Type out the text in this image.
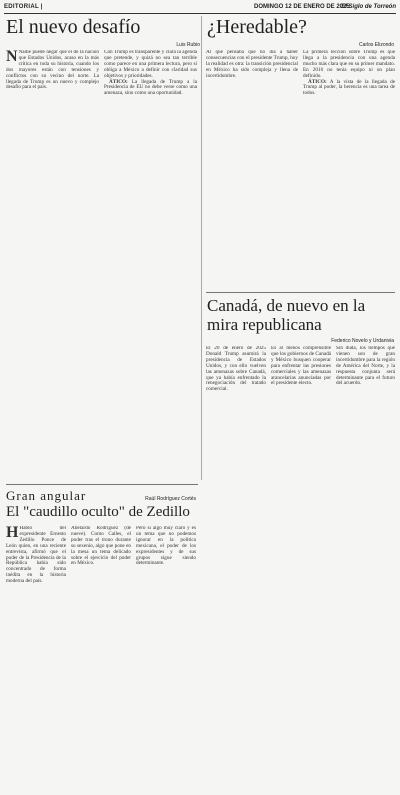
EDITORIAL |	DOMINGO 12 DE ENERO DE 2025
El Siglo de Torreón
El nuevo desafío
Luis Rubio

N Nadie puede negar que el de la nación que Estados Unidos, acaso en la más crítica en toda su historia, cuando los dos mayores están con tensiones y conflictos con su vecino del norte. La llegada de Trump es un nuevo y complejo desafío para el país.

Con Trump es transparente y clara la agenda que pretende, y quizá no sea tan terrible como parece en una primera lectura, pero sí obliga a México a definir con claridad sus objetivos y prioridades.

ÁTICO: La llegada de Trump a la Presidencia de EU no debe verse como una amenaza, sino como una oportunidad.

¿Heredable?
Carlos Elizondo

Al que pensaba que no iba a haber consecuencias con el presidente Trump, hoy la realidad es otra: la transición presidencial en México ha sido compleja y llena de incertidumbre.

La primera lección sobre Trump es que llega a la presidencia con una agenda mucho más clara que en su primer mandato. En 2016 no tenía equipo ni un plan definido.

ÁTICO: A la vista de la llegada de Trump al poder, la herencia es una tarea de todos.

Canadá, de nuevo en la mira republicana
Federico Novelo y Urdanivia

El 20 de enero de 2025 Donald Trump asumirá la presidencia de Estados Unidos, y con ello vuelven las amenazas sobre Canadá, que ya había enfrentado la renegociación del tratado comercial.

Es al menos comprensible que los gobiernos de Canadá y México busquen cooperar para enfrentar las presiones comerciales y las amenazas arancelarias anunciadas por el presidente electo.

Sin duda, los tiempos que vienen son de gran incertidumbre para la región de América del Norte, y la respuesta conjunta será determinante para el futuro del acuerdo.

Gran angular
El "caudillo oculto" de Zedillo
Raúl Rodríguez Cortés

H Hablo del expresidente Ernesto Zedillo Ponce de León quien, en una reciente entrevista, afirmó que el poder de la Presidencia de la República había sido concentrado de forma inédita en la historia moderna del país.

Abelardo Rodríguez (de nueve). Como Calles, el poder tras el trono durante su sexenio, algo que pone en la mesa un tema delicado sobre el ejercicio del poder en México.

Pero sí algo muy claro y es un tema que no podemos ignorar en la política mexicana, el poder de los expresidentes y de sus grupos sigue siendo determinante.
